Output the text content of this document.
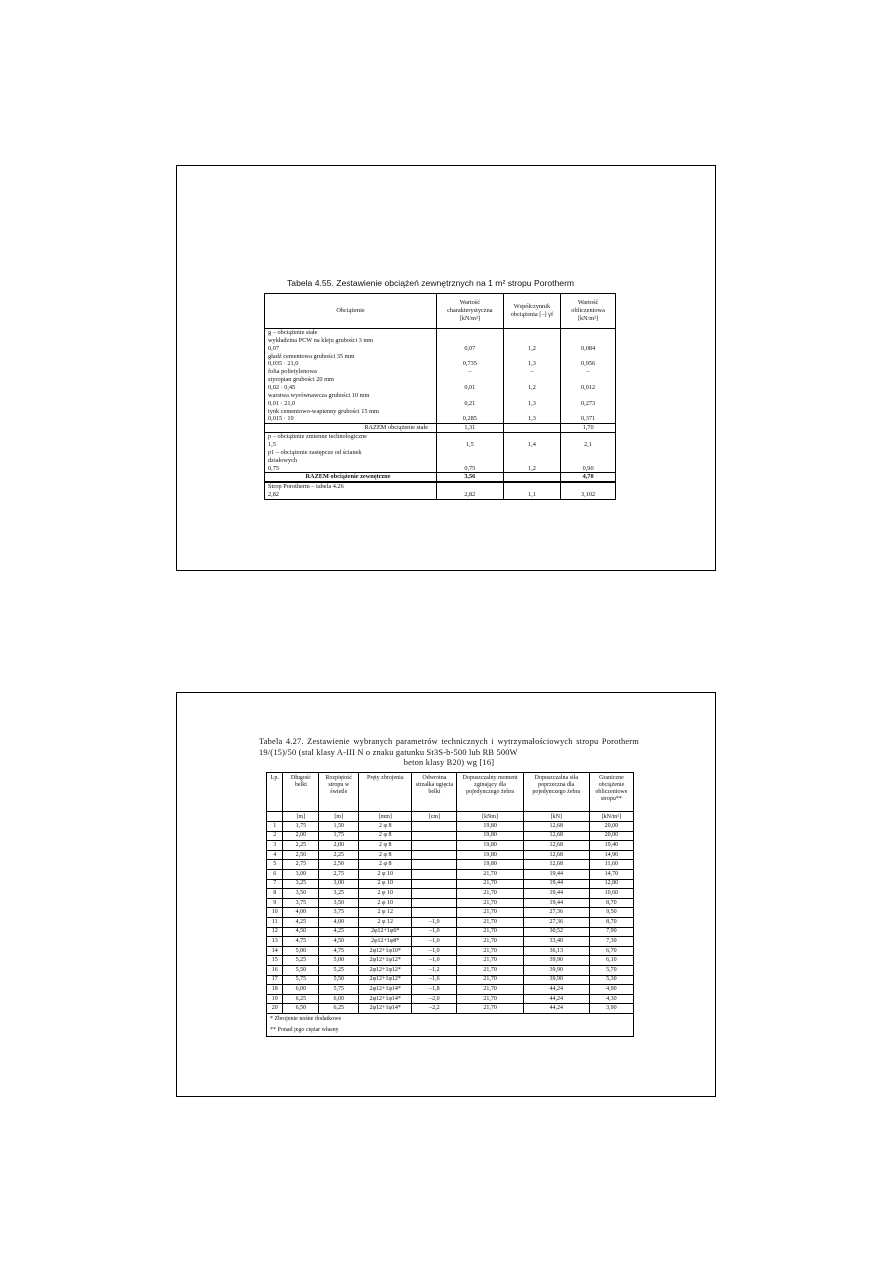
Tabela 4.55. Zestawienie obciążeń zewnętrznych na 1 m² stropu Porotherm
Obciążenie	Wartość charakterystyczna [kN/m²]	Współczynnik obciążenia [–] γf	Wartość obliczeniowa [kN/m²]
g – obciążenie stałe			
wykładzina PCW na kleju grubości 3 mm			
0,07	0,07	1,2	0,084
gładź cementowa grubości 35 mm			
0,035 · 21,0	0,735	1,3	0,956
folia polietylenowa	–	–	–
styropian grubości 20 mm			
0,02 · 0,45	0,01	1,2	0,012
warstwa wyrównawcza grubości 10 mm			
0,01 · 21,0	0,21	1,3	0,273
tynk cementowo-wapienny grubości 15 mm			
0,015 · 19	0,285	1,3	0,371
RAZEM obciążenie stałe	1,31		1,70
p – obciążenie zmienne technologiczne			
1,5	1,5	1,4	2,1
p1 – obciążenie zastępcze od ścianek			
działowych			
0,75	0,75	1,2	0,90
RAZEM obciążenie zewnętrzne	3,56		4,70
Strop Porotherm – tabela 4.26			
2,82	2,82	1,1	3,102
Tabela 4.27. Zestawienie wybranych parametrów technicznych i wytrzymałościowych stropu Porotherm 19/(15)/50 (stal klasy A-III N o znaku gatunku St3S-b-500 lub RB 500W
beton klasy B20) wg [16]
Lp.	Długość belki	Rozpiętość stropu w świetle	Pręty zbrojenia	Odwrotna strzałka ugięcia belki	Dopuszczalny moment zginający dla pojedynczego żebra	Dopuszczalna siła poprzeczna dla pojedynczego żebra	Graniczne obciążenie obliczeniowe stropu**
	[m]	[m]	[mm]	[cm]	[kNm]	[kN]	[kN/m²]
1	1,75	1,50	2 φ 8		19,80	12,68	20,00
2	2,00	1,75	2 φ 8		19,80	12,68	20,00
3	2,25	2,00	2 φ 8		19,80	12,68	19,40
4	2,50	2,25	2 φ 8		19,80	12,68	14,90
5	2,75	2,50	2 φ 8		19,80	12,68	11,60
6	3,00	2,75	2 φ 10		21,70	19,44	14,70
7	3,25	3,00	2 φ 10		21,70	19,44	12,80
8	3,50	3,25	2 φ 10		21,70	19,44	10,60
9	3,75	3,50	2 φ 10		21,70	19,44	8,70
10	4,00	3,75	2 φ 12		21,70	27,36	9,50
11	4,25	4,00	2 φ 12	–1,0	21,70	27,36	8,70
12	4,50	4,25	2φ12+1φ6*	–1,0	21,70	30,52	7,90
13	4,75	4,50	2φ12+1φ8*	–1,0	21,70	33,40	7,30
14	5,00	4,75	2φ12+1φ10*	–1,0	21,70	36,13	6,70
15	5,25	5,00	2φ12+1φ12*	–1,0	21,70	39,90	6,10
16	5,50	5,25	2φ12+1φ12*	–1,2	21,70	39,90	5,70
17	5,75	5,50	2φ12+1φ12*	–1,6	21,70	39,90	5,30
18	6,00	5,75	2φ12+1φ14*	–1,8	21,70	44,24	4,90
19	6,25	6,00	2φ12+1φ14*	–2,0	21,70	44,24	4,30
20	6,50	6,25	2φ12+1φ14*	–2,2	21,70	44,24	3,90
* Zbrojenie nośne dodatkowe							
** Ponad jego ciężar własny							
